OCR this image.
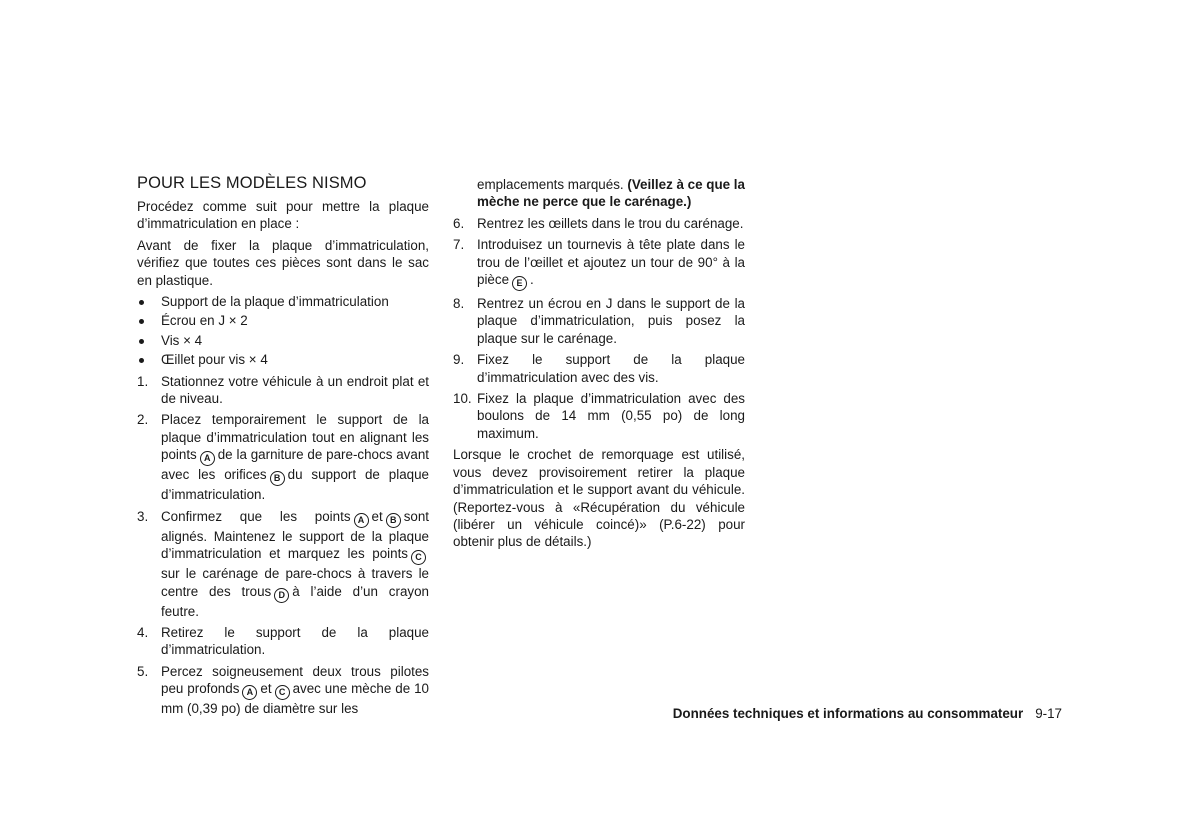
POUR LES MODÈLES NISMO

Procédez comme suit pour mettre la plaque d’immatriculation en place :

Avant de fixer la plaque d’immatriculation, vérifiez que toutes ces pièces sont dans le sac en plastique.

Support de la plaque d’immatriculation
Écrou en J × 2
Vis × 4
Œillet pour vis × 4
1. Stationnez votre véhicule à un endroit plat et de niveau.
2. Placez temporairement le support de la plaque d’immatriculation tout en alignant les points A de la garniture de pare-chocs avant avec les orifices B du support de plaque d’immatriculation.
3. Confirmez que les points A et B sont alignés. Maintenez le support de la plaque d’immatriculation et marquez les points Csur le carénage de pare-chocs à travers le centre des trous D à l’aide d’un crayon feutre.
4. Retirez le support de la plaque d’immatriculation.
5. Percez soigneusement deux trous pilotes peu profonds A et C avec une mèche de 10 mm (0,39 po) de diamètre sur les
emplacements marqués. (Veillez à ce que la mèche ne perce que le carénage.)
6. Rentrez les œillets dans le trou du carénage.
7. Introduisez un tournevis à tête plate dans le trou de l’œillet et ajoutez un tour de 90° à la pièce E .
8. Rentrez un écrou en J dans le support de la plaque d’immatriculation, puis posez la plaque sur le carénage.
9. Fixez le support de la plaque d’immatriculation avec des vis.
10. Fixez la plaque d’immatriculation avec des boulons de 14 mm (0,55 po) de long maximum.

Lorsque le crochet de remorquage est utilisé, vous devez provisoirement retirer la plaque d’immatriculation et le support avant du véhicule. (Reportez-vous à «Récupération du véhicule (libérer un véhicule coincé)» (P.6-22) pour obtenir plus de détails.)

Données techniques et informations au consommateur 9-17
